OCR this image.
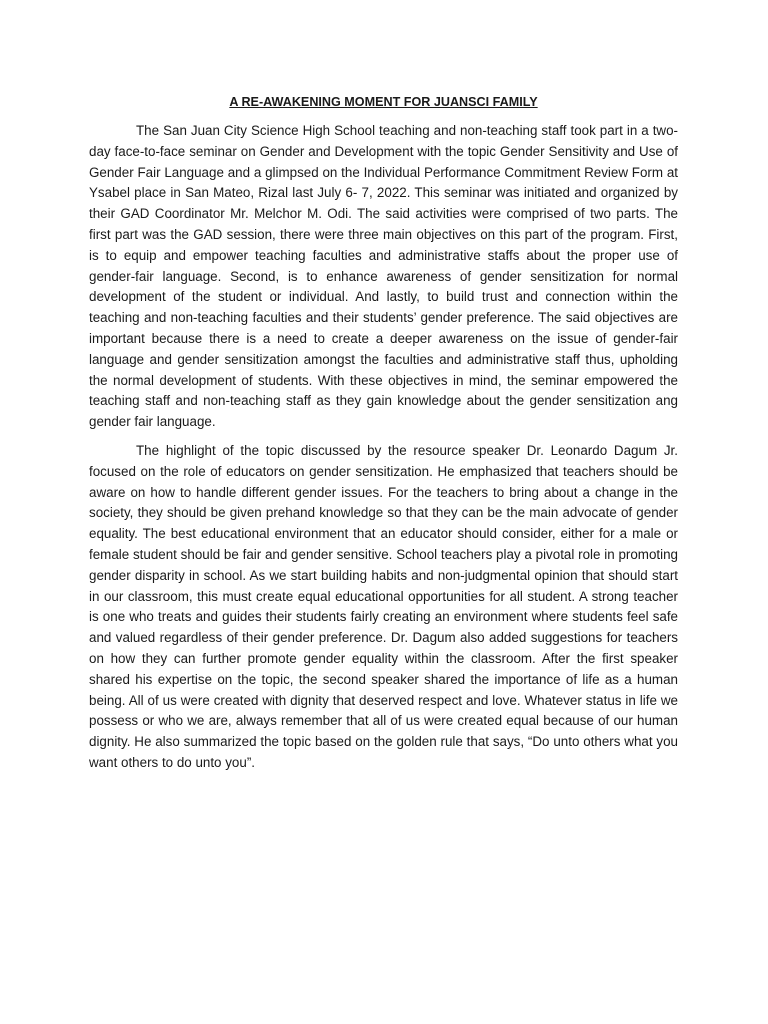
A RE-AWAKENING MOMENT FOR JUANSCI FAMILY

The San Juan City Science High School teaching and non-teaching staff took part in a two-day face-to-face seminar on Gender and Development with the topic Gender Sensitivity and Use of Gender Fair Language and a glimpsed on the Individual Performance Commitment Review Form at Ysabel place in San Mateo, Rizal last July 6- 7, 2022. This seminar was initiated and organized by their GAD Coordinator Mr. Melchor M. Odi. The said activities were comprised of two parts. The first part was the GAD session, there were three main objectives on this part of the program. First, is to equip and empower teaching faculties and administrative staffs about the proper use of gender-fair language. Second, is to enhance awareness of gender sensitization for normal development of the student or individual. And lastly, to build trust and connection within the teaching and non-teaching faculties and their students’ gender preference. The said objectives are important because there is a need to create a deeper awareness on the issue of gender-fair language and gender sensitization amongst the faculties and administrative staff thus, upholding the normal development of students. With these objectives in mind, the seminar empowered the teaching staff and non-teaching staff as they gain knowledge about the gender sensitization ang gender fair language.

The highlight of the topic discussed by the resource speaker Dr. Leonardo Dagum Jr. focused on the role of educators on gender sensitization. He emphasized that teachers should be aware on how to handle different gender issues. For the teachers to bring about a change in the society, they should be given prehand knowledge so that they can be the main advocate of gender equality. The best educational environment that an educator should consider, either for a male or female student should be fair and gender sensitive. School teachers play a pivotal role in promoting gender disparity in school. As we start building habits and non-judgmental opinion that should start in our classroom, this must create equal educational opportunities for all student. A strong teacher is one who treats and guides their students fairly creating an environment where students feel safe and valued regardless of their gender preference. Dr. Dagum also added suggestions for teachers on how they can further promote gender equality within the classroom. After the first speaker shared his expertise on the topic, the second speaker shared the importance of life as a human being. All of us were created with dignity that deserved respect and love. Whatever status in life we possess or who we are, always remember that all of us were created equal because of our human dignity. He also summarized the topic based on the golden rule that says, “Do unto others what you want others to do unto you”.
